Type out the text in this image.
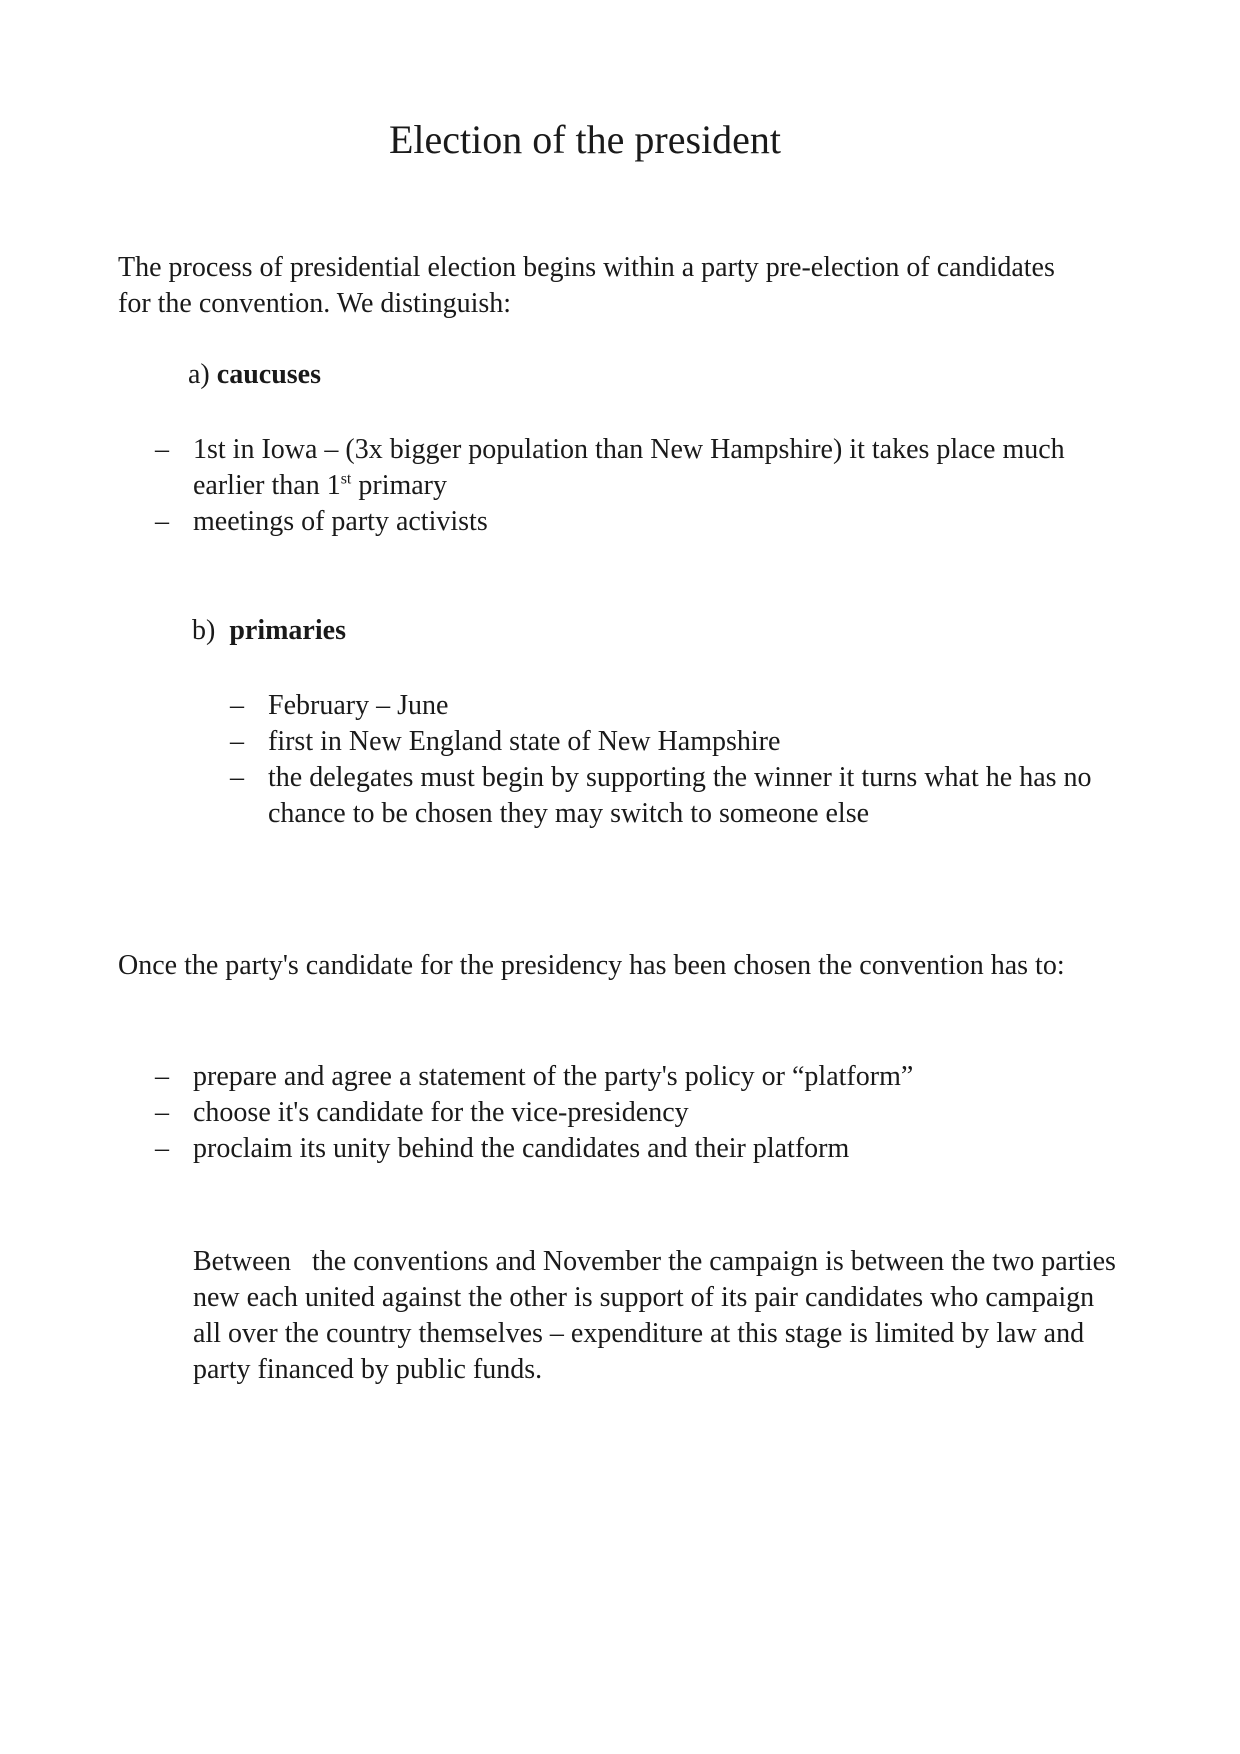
Election of the president

The process of presidential election begins within a party pre-election of candidates for the convention. We distinguish:

a) caucuses

– 1st in Iowa – (3x bigger population than New Hampshire) it takes place much earlier than 1st primary
– meetings of party activists

b)  primaries

– February – June
– first in New England state of New Hampshire
– the delegates must begin by supporting the winner it turns what he has no chance to be chosen they may switch to someone else

Once the party's candidate for the presidency has been chosen the convention has to:

– prepare and agree a statement of the party's policy or “platform”
– choose it's candidate for the vice-presidency
– proclaim its unity behind the candidates and their platform

Between   the conventions and November the campaign is between the two parties new each united against the other is support of its pair candidates who campaign all over the country themselves – expenditure at this stage is limited by law and party financed by public funds.
